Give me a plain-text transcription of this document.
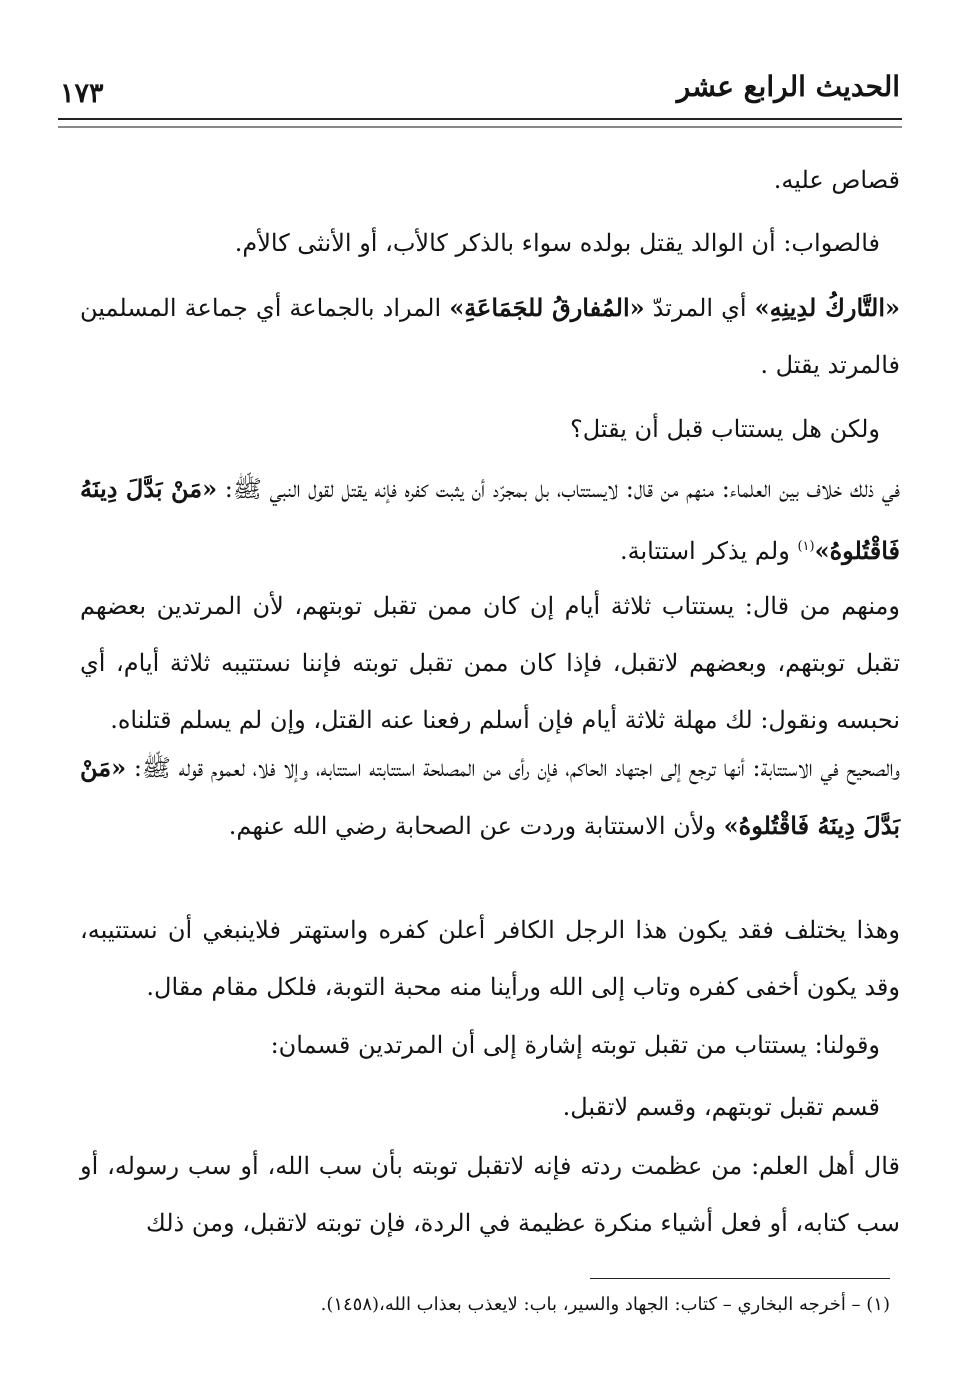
الحديث الرابع عشر
١٧٣

قصاص عليه.

فالصواب: أن الوالد يقتل بولده سواء بالذكر كالأب، أو الأنثى كالأم.

«التَّاركُ لدِينِهِ» أي المرتدّ «المُفارقُ للجَمَاعَةِ» المراد بالجماعة أي جماعة المسلمين فالمرتد يقتل .

ولكن هل يستتاب قبل أن يقتل؟

في ذلك خلاف بين العلماء: منهم من قال: لايستتاب، بل بمجرّد أن يثبت كفره فإنه يقتل لقول النبي ﷺ: «مَنْ بَدَّلَ دِينَهُ فَاقْتُلوهُ»$^{(١)}$ ولم يذكر استتابة.

ومنهم من قال: يستتاب ثلاثة أيام إن كان ممن تقبل توبتهم، لأن المرتدين بعضهم تقبل توبتهم، وبعضهم لاتقبل، فإذا كان ممن تقبل توبته فإننا نستتيبه ثلاثة أيام، أي نحبسه ونقول: لك مهلة ثلاثة أيام فإن أسلم رفعنا عنه القتل، وإن لم يسلم قتلناه.

والصحيح في الاستتابة: أنها ترجع إلى اجتهاد الحاكم، فإن رأى من المصلحة استتابته استتابه، وإلا فلا، لعموم قوله ﷺ: «مَنْ بَدَّلَ دِينَهُ فَاقْتُلوهُ» ولأن الاستتابة وردت عن الصحابة رضي الله عنهم.

وهذا يختلف فقد يكون هذا الرجل الكافر أعلن كفره واستهتر فلاينبغي أن نستتيبه، وقد يكون أخفى كفره وتاب إلى الله ورأينا منه محبة التوبة، فلكل مقام مقال.

وقولنا: يستتاب من تقبل توبته إشارة إلى أن المرتدين قسمان:

قسم تقبل توبتهم، وقسم لاتقبل.

قال أهل العلم: من عظمت ردته فإنه لاتقبل توبته بأن سب الله، أو سب رسوله، أو سب كتابه، أو فعل أشياء منكرة عظيمة في الردة، فإن توبته لاتقبل، ومن ذلك

(١) – أخرجه البخاري – كتاب: الجهاد والسير، باب: لايعذب بعذاب الله،(١٤٥٨).
